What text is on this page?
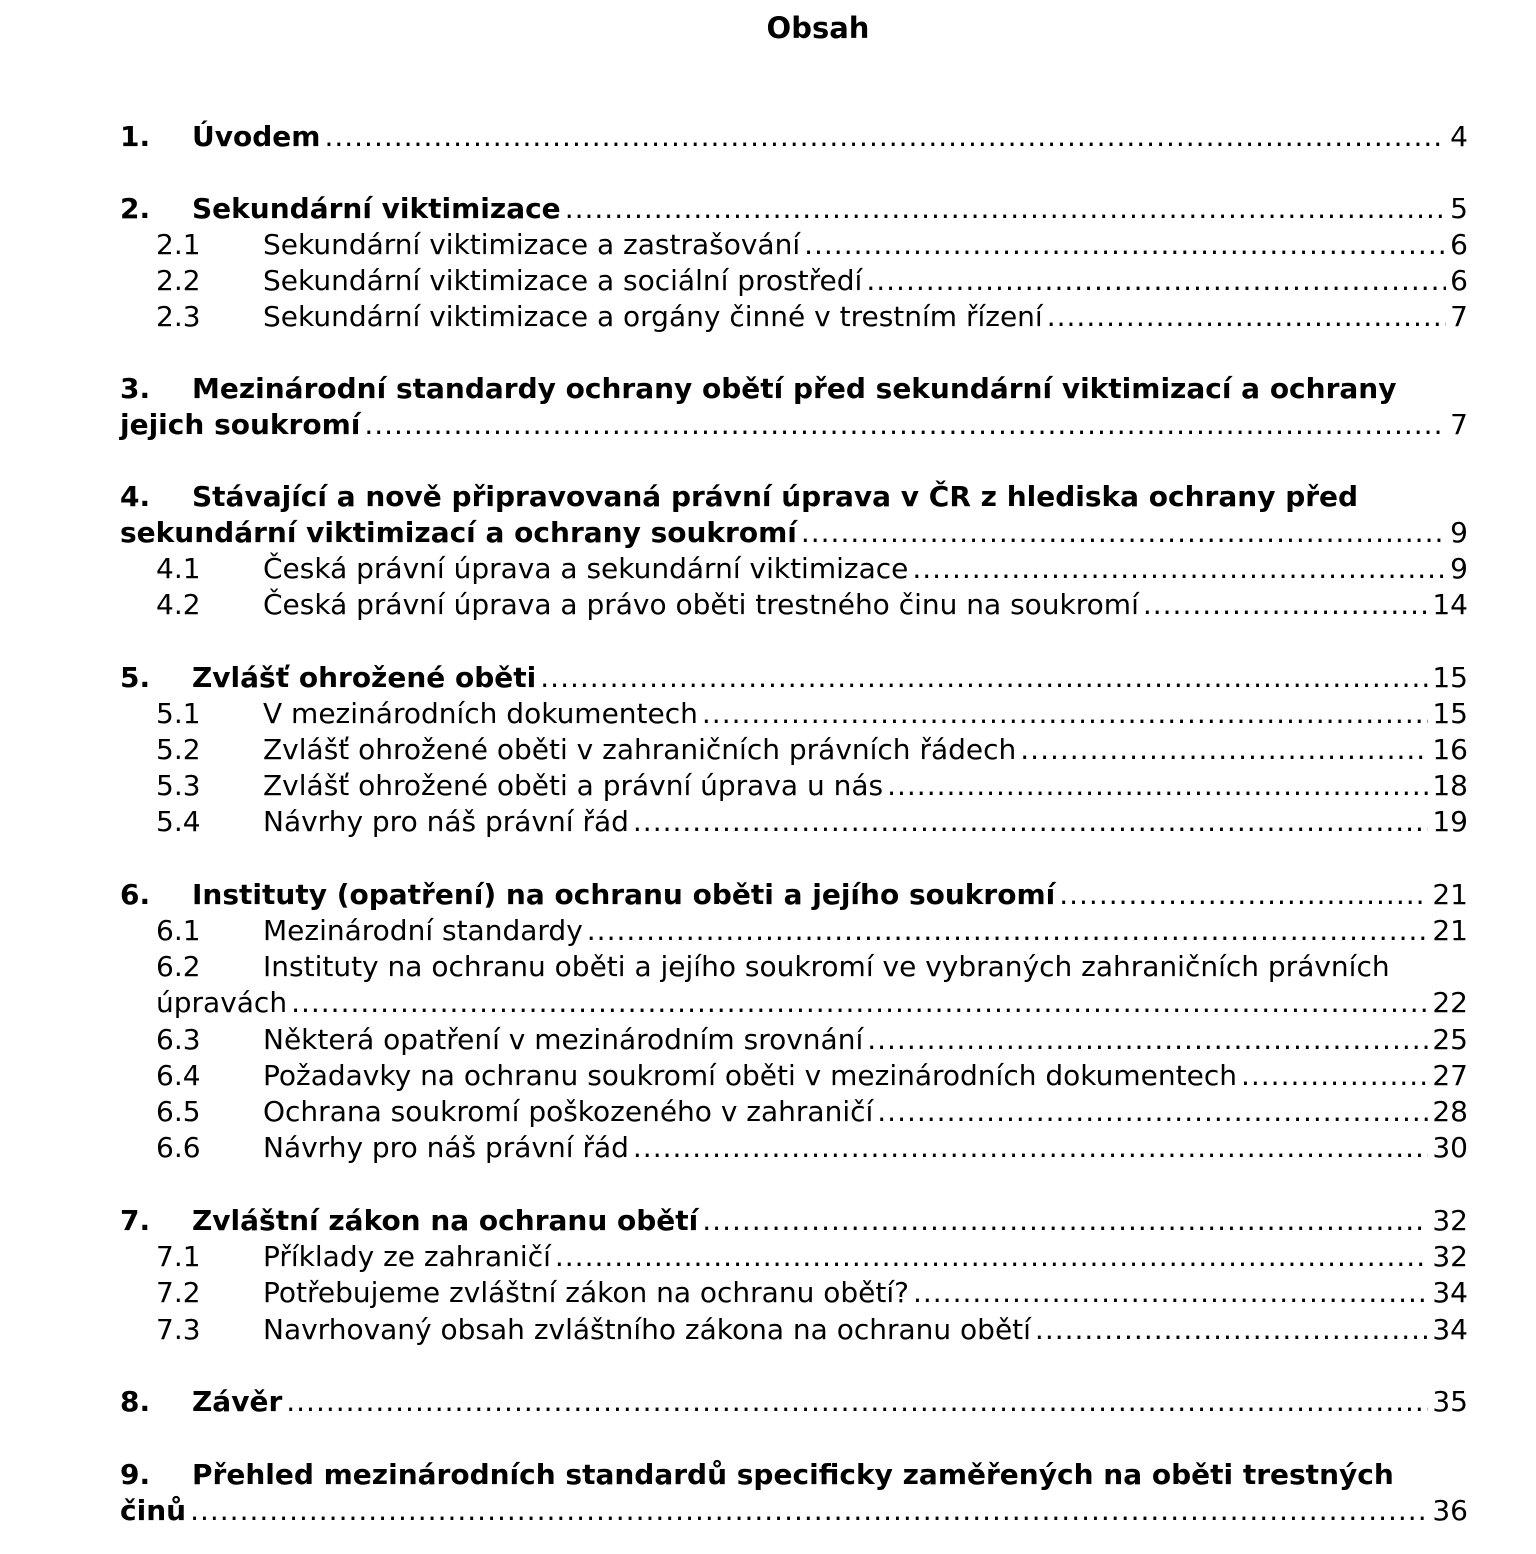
Obsah
1.	Úvodem .....	4
2.	Sekundární viktimizace .....	5
2.1	Sekundární viktimizace a zastrašování .....	6
2.2	Sekundární viktimizace a sociální prostředí .....	6
2.3	Sekundární viktimizace a orgány činné v trestním řízení .....	7
3.	Mezinárodní standardy ochrany obětí před sekundární viktimizací a ochrany
jejich soukromí .....	7
4.	Stávající a nově připravovaná právní úprava v ČR z hlediska ochrany před
sekundární viktimizací a ochrany soukromí .....	9
4.1	Česká právní úprava a sekundární viktimizace .....	9
4.2	Česká právní úprava a právo oběti trestného činu na soukromí .....	14
5.	Zvlášť ohrožené oběti .....	15
5.1	V mezinárodních dokumentech .....	15
5.2	Zvlášť ohrožené oběti v zahraničních právních řádech .....	16
5.3	Zvlášť ohrožené oběti a právní úprava u nás .....	18
5.4	Návrhy pro náš právní řád .....	19
6.	Instituty (opatření) na ochranu oběti a jejího soukromí .....	21
6.1	Mezinárodní standardy .....	21
6.2	Instituty na ochranu oběti a jejího soukromí ve vybraných zahraničních právních
úpravách .....	22
6.3	Některá opatření v mezinárodním srovnání .....	25
6.4	Požadavky na ochranu soukromí oběti v mezinárodních dokumentech .....	27
6.5	Ochrana soukromí poškozeného v zahraničí .....	28
6.6	Návrhy pro náš právní řád .....	30
7.	Zvláštní zákon na ochranu obětí .....	32
7.1	Příklady ze zahraničí .....	32
7.2	Potřebujeme zvláštní zákon na ochranu obětí? .....	34
7.3	Navrhovaný obsah zvláštního zákona na ochranu obětí .....	34
8.	Závěr .....	35
9.	Přehled mezinárodních standardů specificky zaměřených na oběti trestných
činů .....	36
